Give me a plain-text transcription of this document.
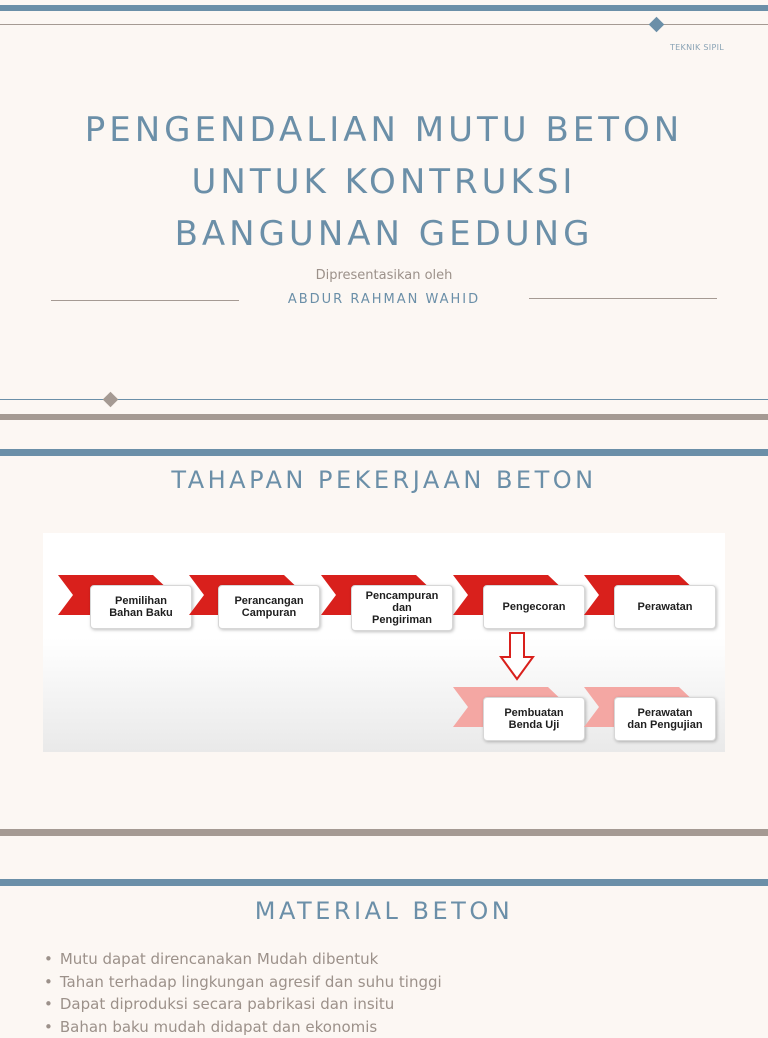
TEKNIK SIPIL
PENGENDALIAN MUTU BETON
UNTUK KONTRUKSI
BANGUNAN GEDUNG
Dipresentasikan oleh
ABDUR RAHMAN WAHID
TAHAPAN PEKERJAAN BETON
Pemilihan
Bahan Baku
Perancangan
Campuran
Pencampuran
dan
Pengiriman
Pengecoran	Perawatan
Pembuatan
Benda Uji
Perawatan
dan Pengujian
MATERIAL BETON
• Mutu dapat direncanakan Mudah dibentuk
• Tahan terhadap lingkungan agresif dan suhu tinggi
• Dapat diproduksi secara pabrikasi dan insitu
• Bahan baku mudah didapat dan ekonomis
